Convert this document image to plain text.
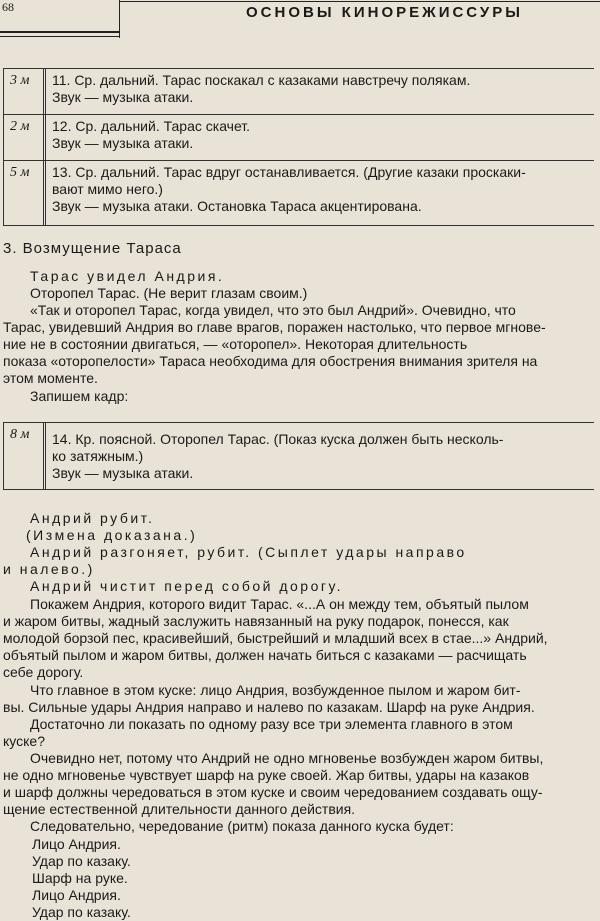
68	ОСНОВЫ КИНОРЕЖИССУРЫ
3 м	11. Ср. дальний. Тарас поскакал с казаками навстречу полякам.
Звук — музыка атаки.
2 м	12. Ср. дальний. Тарас скачет.
Звук — музыка атаки.
5 м	13. Ср. дальний. Тарас вдруг останавливается. (Другие казаки проскаки-
вают мимо него.)
Звук — музыка атаки. Остановка Тараса акцентирована.
3. Возмущение Тараса
Тарас увидел Андрия.
Оторопел Тарас. (Не верит глазам своим.)
«Так и оторопел Тарас, когда увидел, что это был Андрий». Очевидно, что
Тарас, увидевший Андрия во главе врагов, поражен настолько, что первое мгнове-
ние не в состоянии двигаться, — «оторопел». Некоторая длительность
показа «оторопелости» Тараса необходима для обострения внимания зрителя на
этом моменте.
Запишем кадр:
8 м	14. Кр. поясной. Оторопел Тарас. (Показ куска должен быть несколь-
ко затяжным.)
Звук — музыка атаки.
Андрий рубит.
(Измена доказана.)
Андрий разгоняет, рубит. (Сыплет удары направо
и налево.)
Андрий чистит перед собой дорогу.
Покажем Андрия, которого видит Тарас. «...А он между тем, объятый пылом
и жаром битвы, жадный заслужить навязанный на руку подарок, понесся, как
молодой борзой пес, красивейший, быстрейший и младший всех в стае...» Андрий,
объятый пылом и жаром битвы, должен начать биться с казаками — расчищать
себе дорогу.
Что главное в этом куске: лицо Андрия, возбужденное пылом и жаром бит-
вы. Сильные удары Андрия направо и налево по казакам. Шарф на руке Андрия.
Достаточно ли показать по одному разу все три элемента главного в этом
куске?
Очевидно нет, потому что Андрий не одно мгновенье возбужден жаром битвы,
не одно мгновенье чувствует шарф на руке своей. Жар битвы, удары на казаков
и шарф должны чередоваться в этом куске и своим чередованием создавать ощу-
щение естественной длительности данного действия.
Следовательно, чередование (ритм) показа данного куска будет:
Лицо Андрия.
Удар по казаку.
Шарф на руке.
Лицо Андрия.
Удар по казаку.
